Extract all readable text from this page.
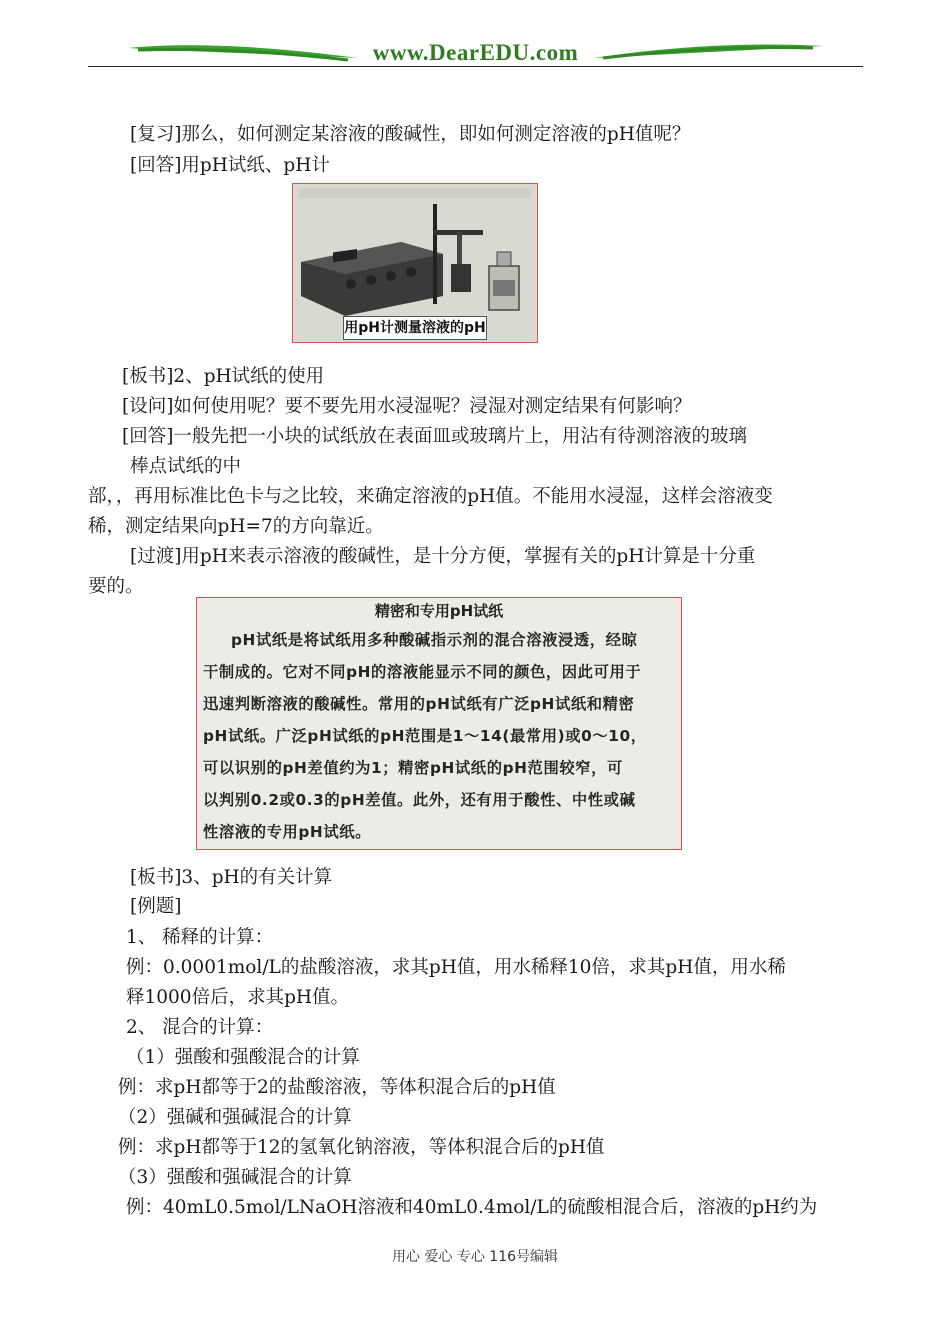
www.DearEDU.com
[复习]那么，如何测定某溶液的酸碱性，即如何测定溶液的pH值呢？
[回答]用pH试纸、pH计
用pH计测量溶液的pH
[板书]2、pH试纸的使用
[设问]如何使用呢？要不要先用水浸湿呢？浸湿对测定结果有何影响？
[回答]一般先把一小块的试纸放在表面皿或玻璃片上，用沾有待测溶液的玻璃
棒点试纸的中
部，，再用标准比色卡与之比较，来确定溶液的pH值。不能用水浸湿，这样会溶液变
稀，测定结果向pH=7的方向靠近。
[过渡]用pH来表示溶液的酸碱性，是十分方便，掌握有关的pH计算是十分重
要的。
精密和专用pH试纸
pH试纸是将试纸用多种酸碱指示剂的混合溶液浸透，经晾
干制成的。它对不同pH的溶液能显示不同的颜色，因此可用于
迅速判断溶液的酸碱性。常用的pH试纸有广泛pH试纸和精密
pH试纸。广泛pH试纸的pH范围是1～14(最常用)或0～10，
可以识别的pH差值约为1；精密pH试纸的pH范围较窄，可
以判别0.2或0.3的pH差值。此外，还有用于酸性、中性或碱
性溶液的专用pH试纸。
[板书]3、pH的有关计算
[例题]
1、 稀释的计算：
例：0.0001mol/L的盐酸溶液，求其pH值，用水稀释10倍，求其pH值，用水稀
释1000倍后，求其pH值。
2、 混合的计算：
（1）强酸和强酸混合的计算
例：求pH都等于2的盐酸溶液，等体积混合后的pH值
（2）强碱和强碱混合的计算
例：求pH都等于12的氢氧化钠溶液，等体积混合后的pH值
（3）强酸和强碱混合的计算
例：40mL0.5mol/LNaOH溶液和40mL0.4mol/L的硫酸相混合后，溶液的pH约为
用心 爱心 专心 116号编辑
